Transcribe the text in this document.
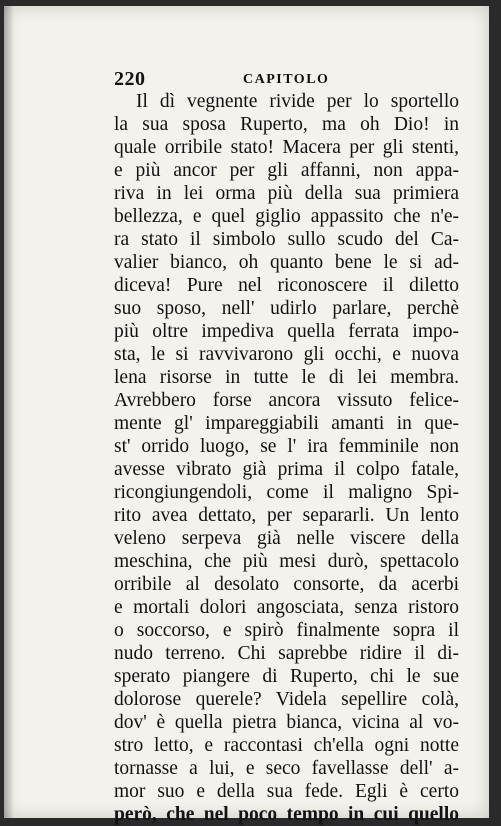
220	CAPITOLO
Il dì vegnente rivide per lo sportello
la sua sposa Ruperto, ma oh Dio! in
quale orribile stato! Macera per gli stenti,
e più ancor per gli affanni, non appa-
riva in lei orma più della sua primiera
bellezza, e quel giglio appassito che n'e-
ra stato il simbolo sullo scudo del Ca-
valier bianco, oh quanto bene le si ad-
diceva! Pure nel riconoscere il diletto
suo sposo, nell' udirlo parlare, perchè
più oltre impediva quella ferrata impo-
sta, le si ravvivarono gli occhi, e nuova
lena risorse in tutte le di lei membra.
Avrebbero forse ancora vissuto felice-
mente gl' impareggiabili amanti in que-
st' orrido luogo, se l' ira femminile non
avesse vibrato già prima il colpo fatale,
ricongiungendoli, come il maligno Spi-
rito avea dettato, per separarli. Un lento
veleno serpeva già nelle viscere della
meschina, che più mesi durò, spettacolo
orribile al desolato consorte, da acerbi
e mortali dolori angosciata, senza ristoro
o soccorso, e spirò finalmente sopra il
nudo terreno. Chi saprebbe ridire il di-
sperato piangere di Ruperto, chi le sue
dolorose querele? Videla sepellire colà,
dov' è quella pietra bianca, vicina al vo-
stro letto, e raccontasi ch'ella ogni notte
tornasse a lui, e seco favellasse dell' a-
mor suo e della sua fede. Egli è certo
però, che nel poco tempo in cui quello
